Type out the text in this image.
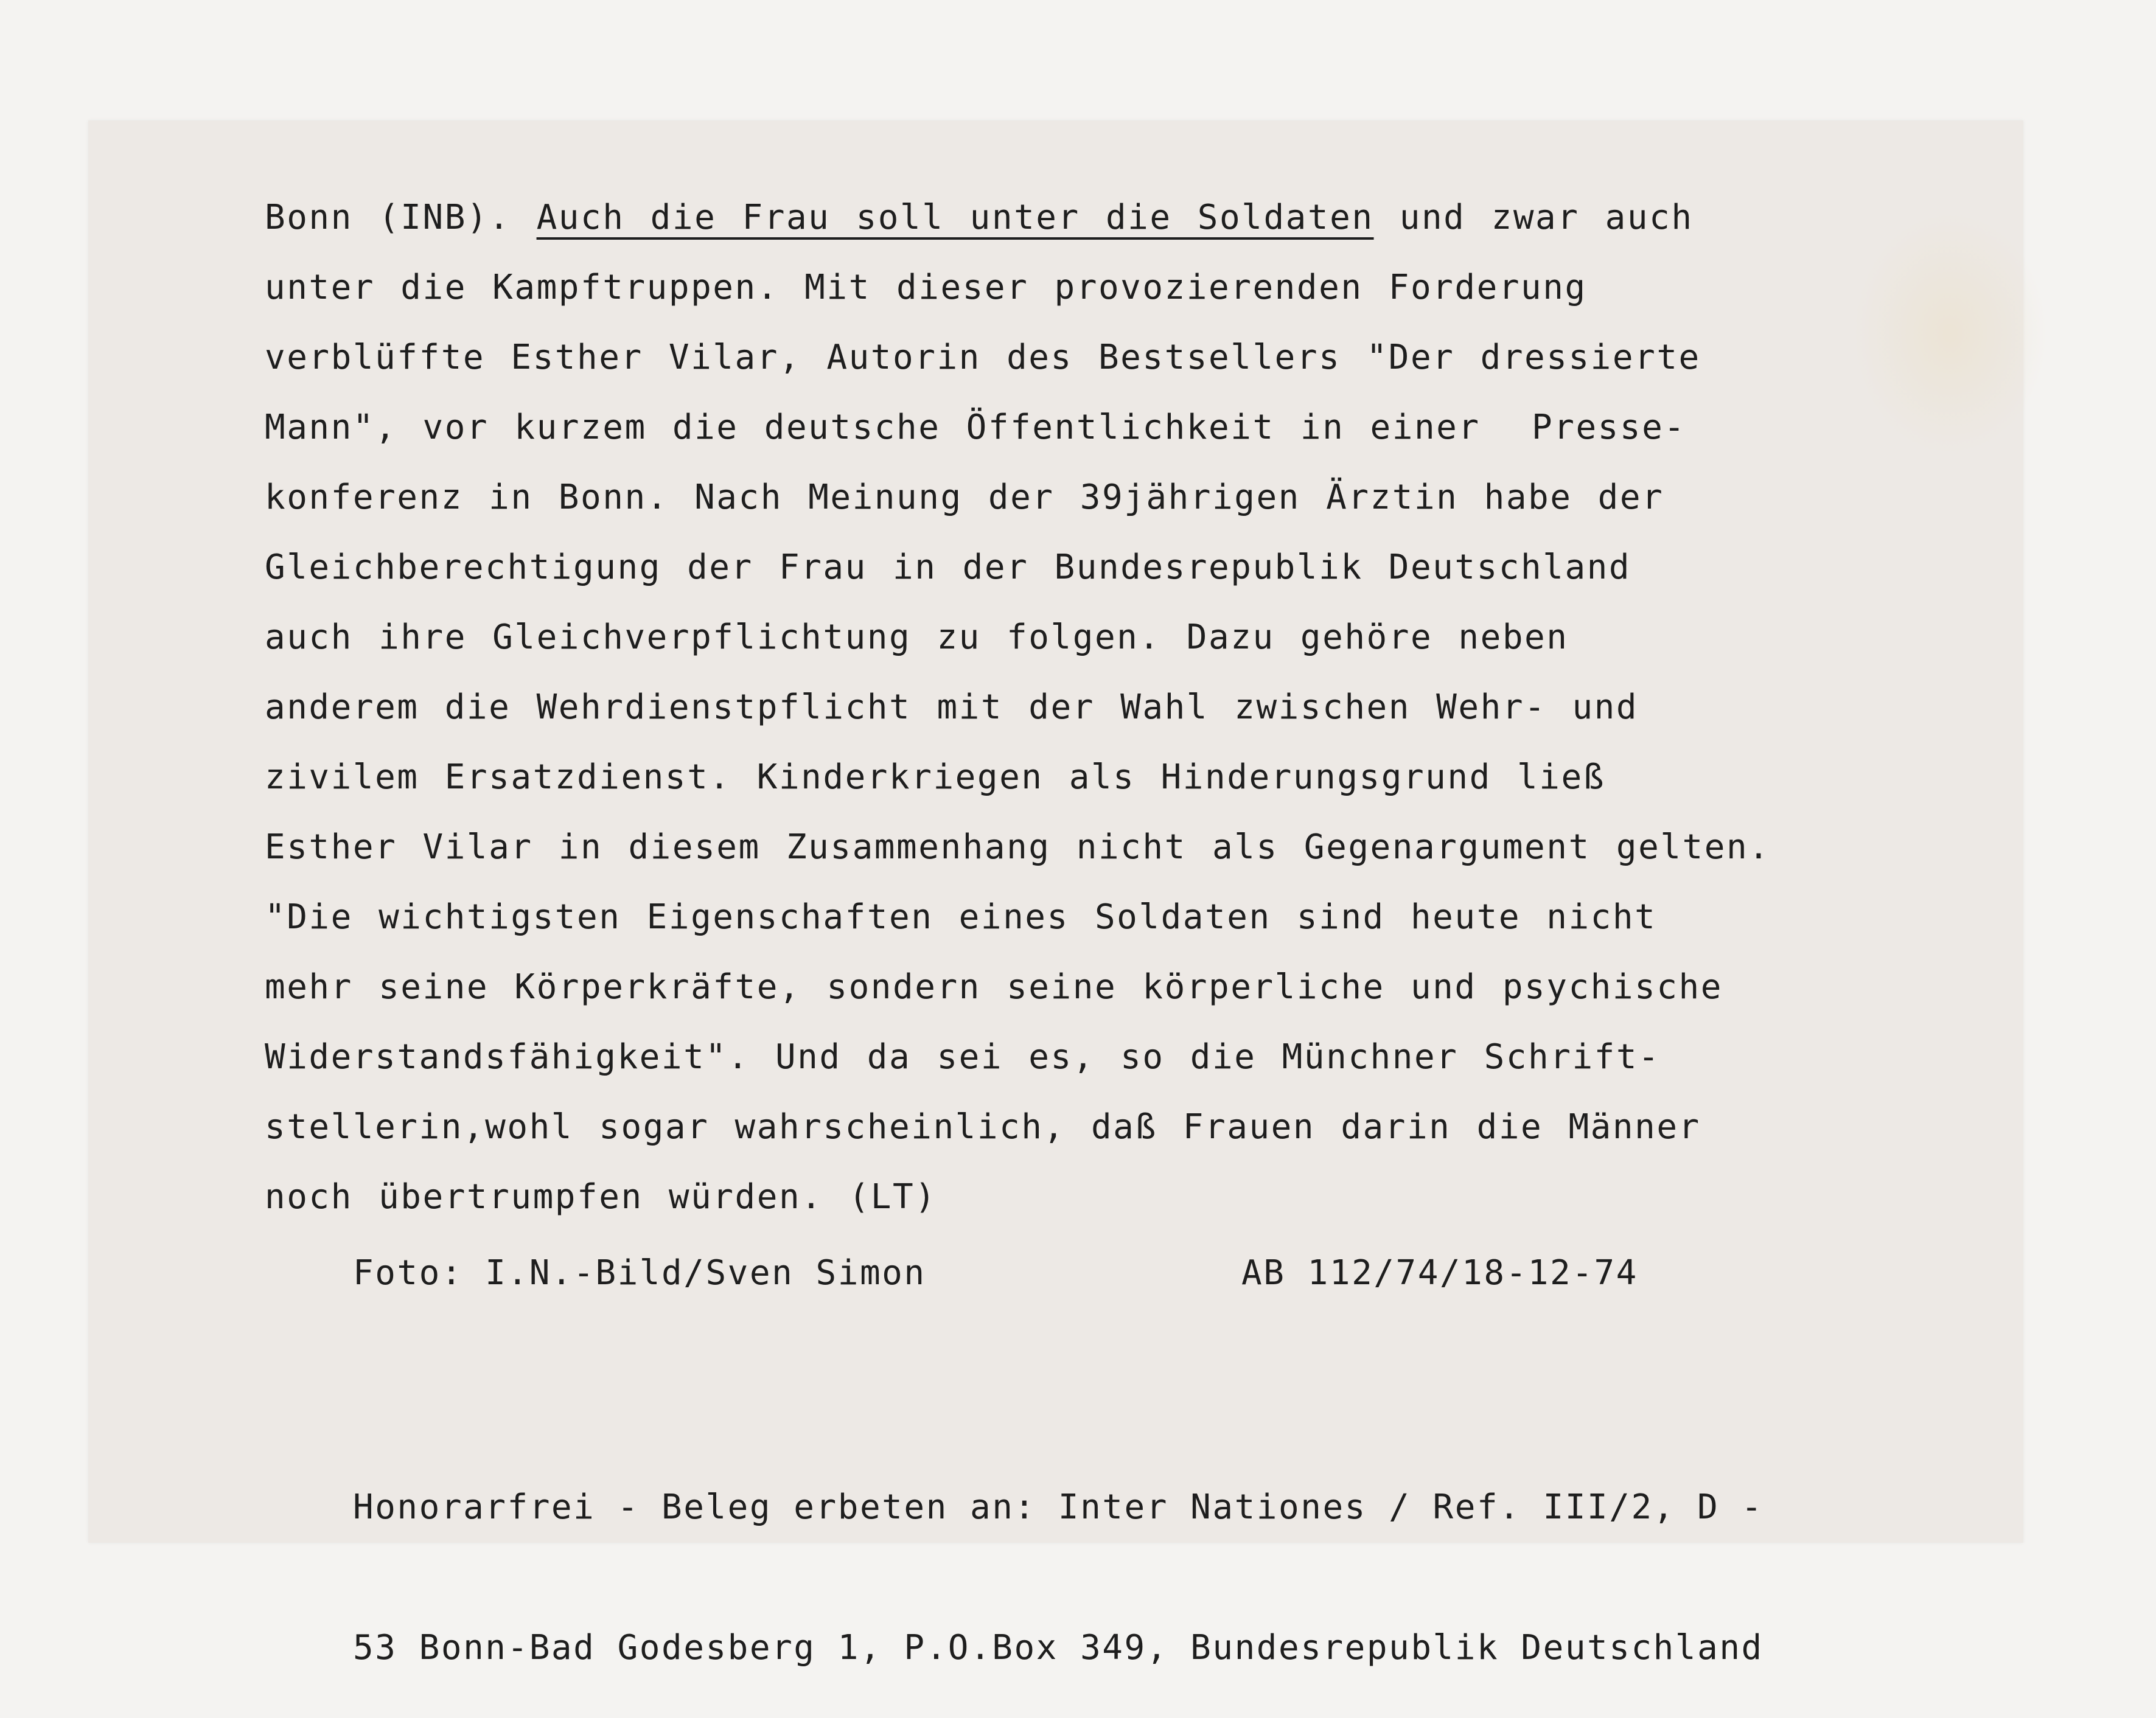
Bonn (INB). Auch die Frau soll unter die Soldaten und zwar auch
unter die Kampftruppen. Mit dieser provozierenden Forderung
verblüffte Esther Vilar, Autorin des Bestsellers "Der dressierte
Mann", vor kurzem die deutsche Öffentlichkeit in einer  Presse-
konferenz in Bonn. Nach Meinung der 39jährigen Ärztin habe der
Gleichberechtigung der Frau in der Bundesrepublik Deutschland
auch ihre Gleichverpflichtung zu folgen. Dazu gehöre neben
anderem die Wehrdienstpflicht mit der Wahl zwischen Wehr- und
zivilem Ersatzdienst. Kinderkriegen als Hinderungsgrund ließ
Esther Vilar in diesem Zusammenhang nicht als Gegenargument gelten.
"Die wichtigsten Eigenschaften eines Soldaten sind heute nicht
mehr seine Körperkräfte, sondern seine körperliche und psychische
Widerstandsfähigkeit". Und da sei es, so die Münchner Schrift-
stellerin,wohl sogar wahrscheinlich, daß Frauen darin die Männer
noch übertrumpfen würden. (LT)

Foto: I.N.-Bild/Sven Simon

	AB 112/74/18-12-74

Honorarfrei - Beleg erbeten an: Inter Nationes / Ref. III/2, D -

53 Bonn-Bad Godesberg 1, P.O.Box 349, Bundesrepublik Deutschland
